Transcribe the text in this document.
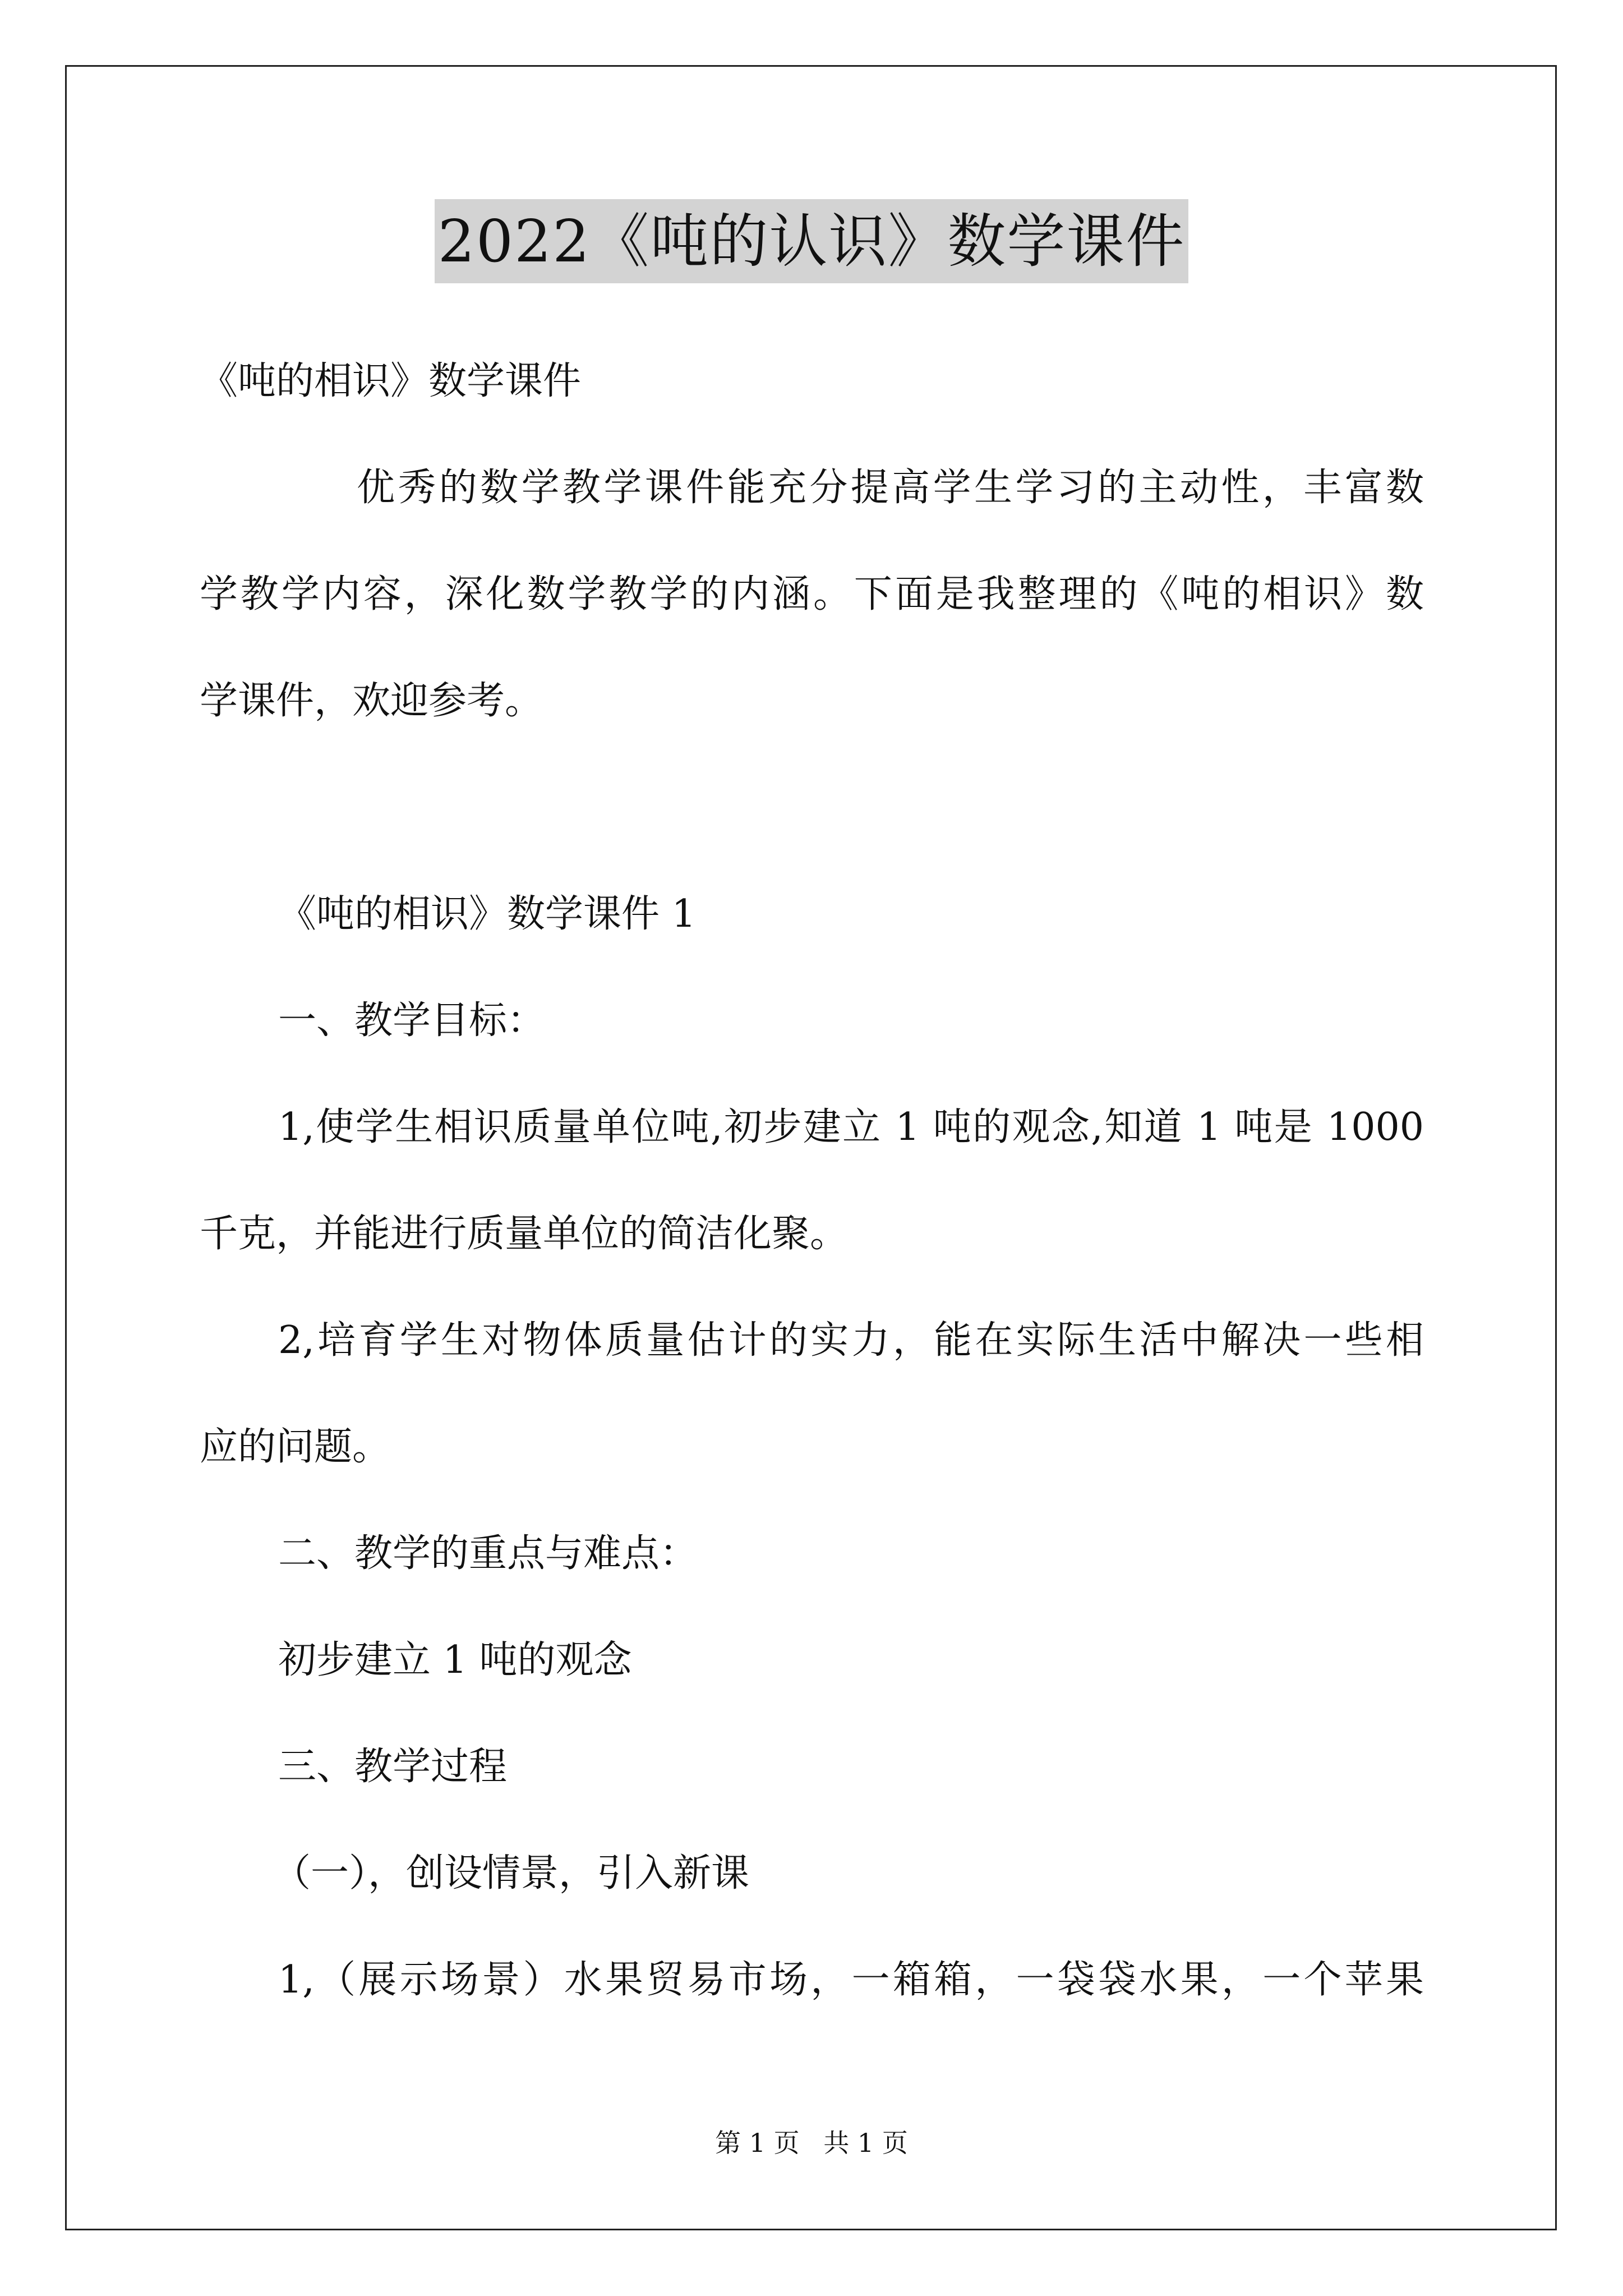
2022《吨的认识》数学课件
《吨的相识》数学课件
优秀的数学教学课件能充分提高学生学习的主动性，丰富数
学教学内容，深化数学教学的内涵。下面是我整理的《吨的相识》数
学课件，欢迎参考。
《吨的相识》数学课件 1
一、教学目标：
1,使学生相识质量单位吨,初步建立 1 吨的观念,知道 1 吨是 1000
千克，并能进行质量单位的简洁化聚。
2,培育学生对物体质量估计的实力，能在实际生活中解决一些相
应的问题。
二、教学的重点与难点：
初步建立 1 吨的观念
三、教学过程
（一），创设情景，引入新课
1,（展示场景）水果贸易市场，一箱箱，一袋袋水果，一个苹果
第 1 页 共 1 页
